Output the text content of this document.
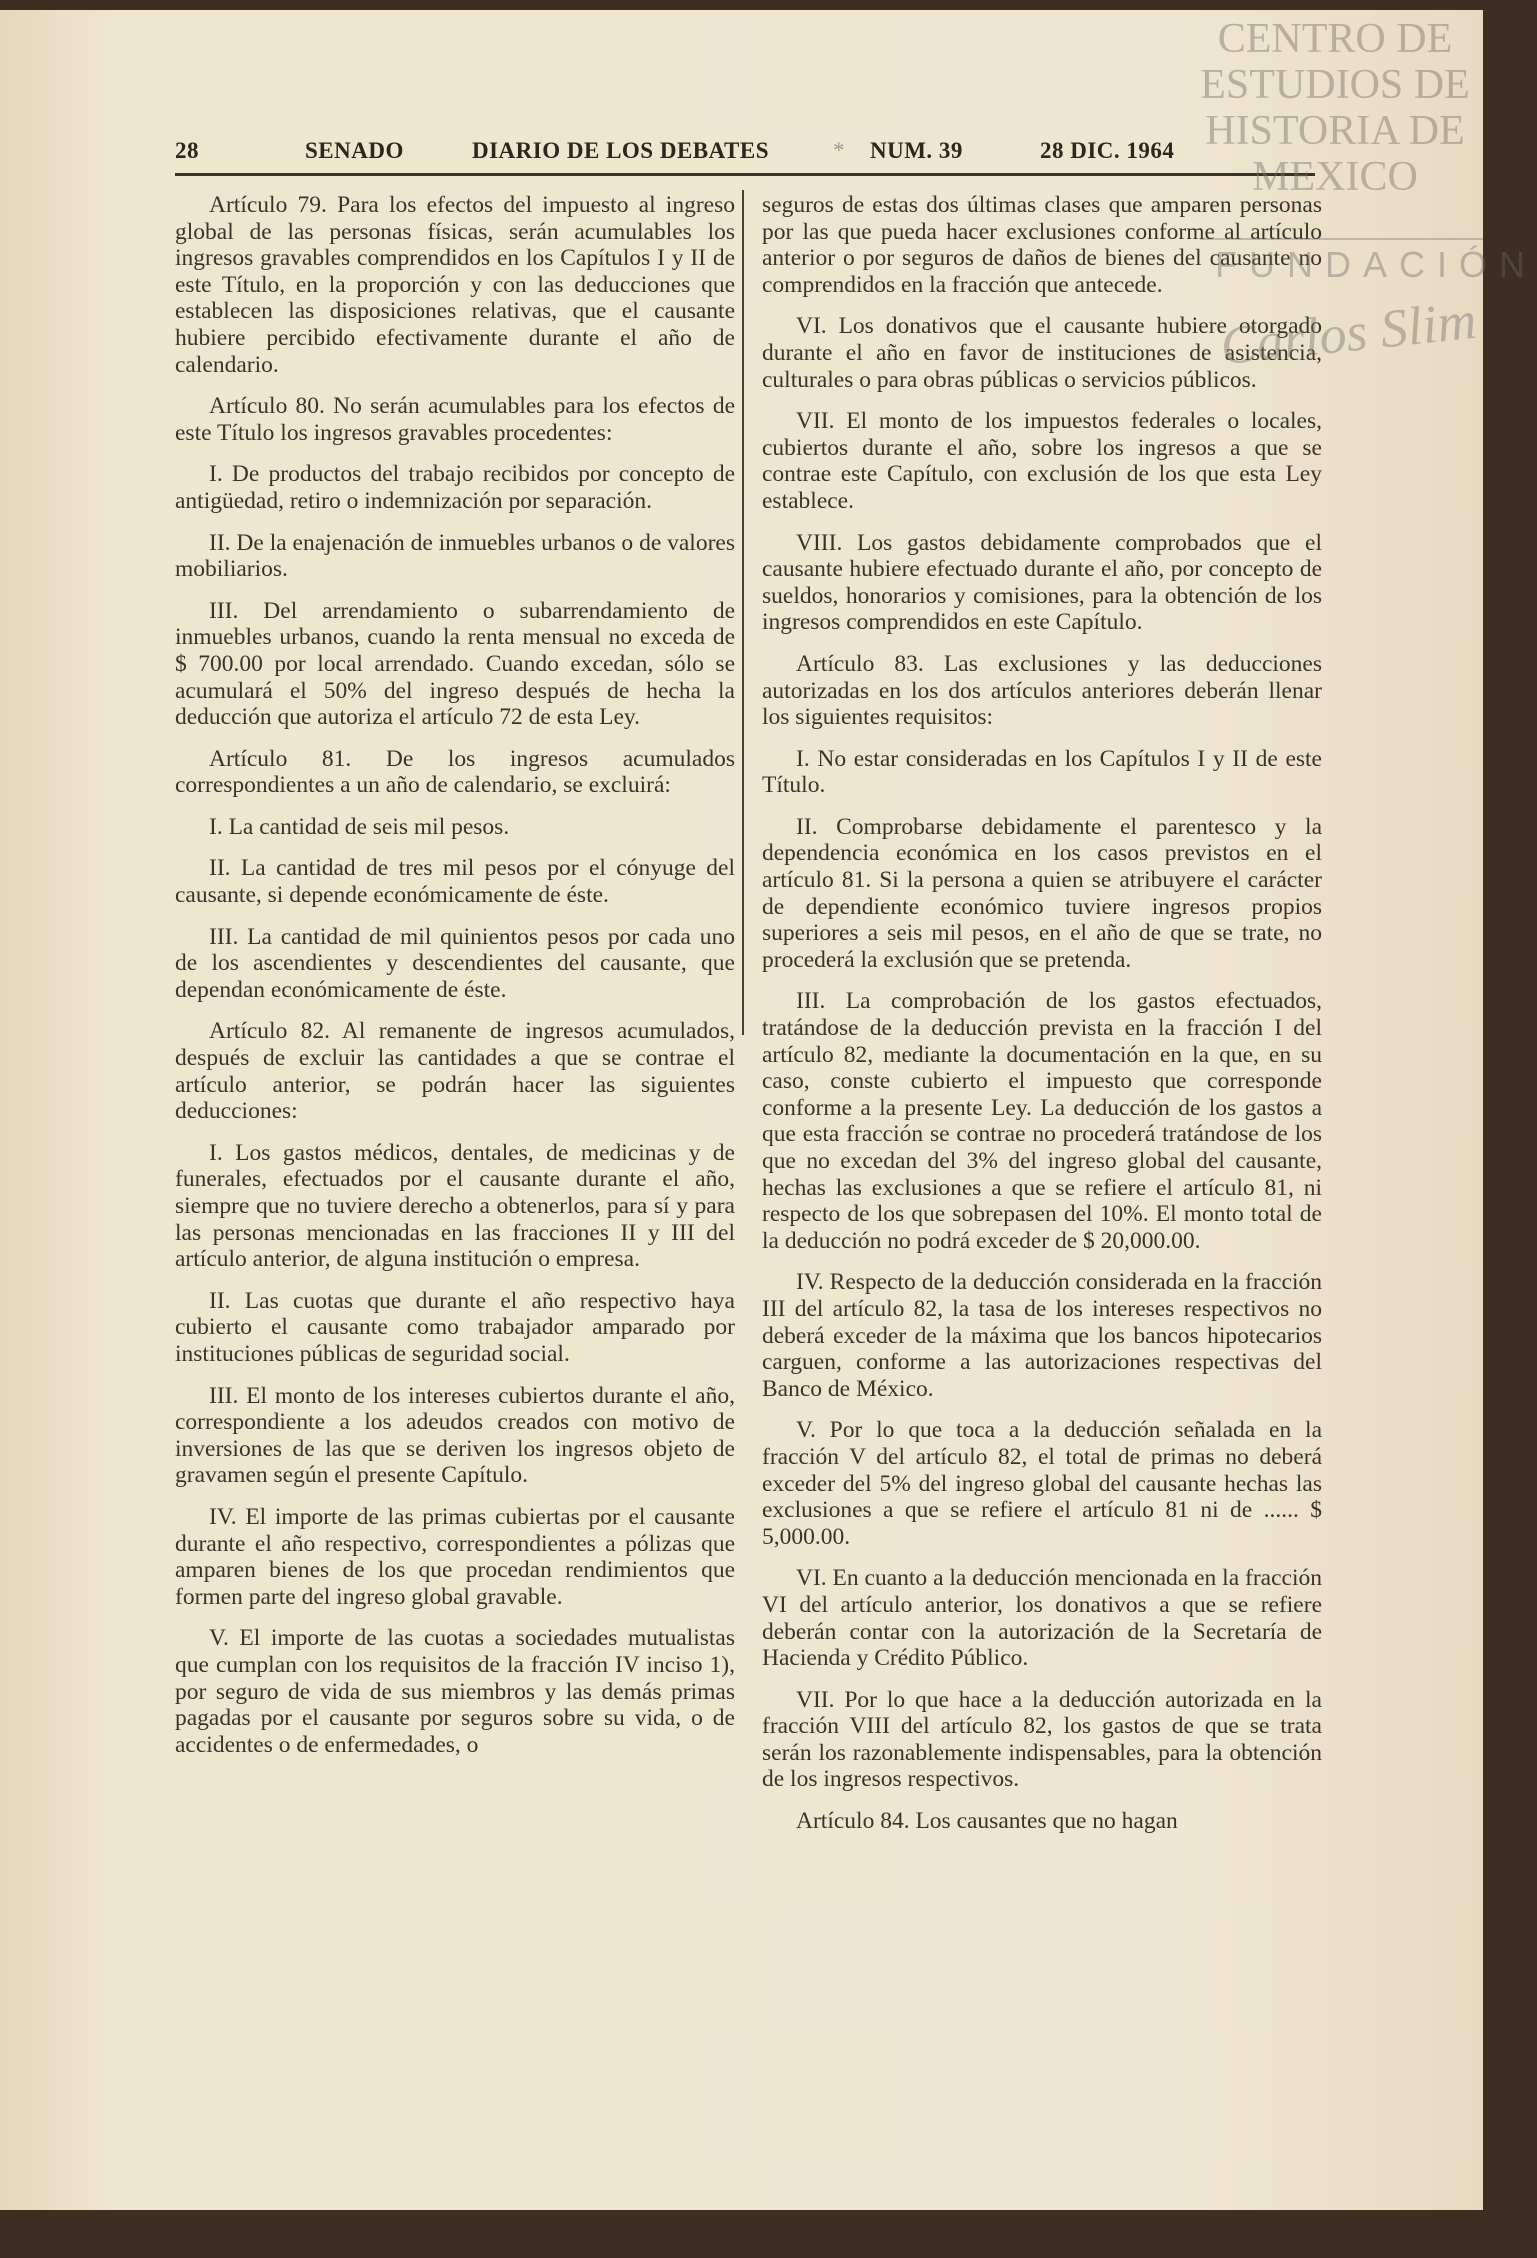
28	SENADO	DIARIO DE LOS DEBATES	* NUM. 39	28 DIC. 1964

Artículo 79. Para los efectos del impuesto al ingreso global de las personas físicas, serán acumulables los ingresos gravables comprendidos en los Capítulos I y II de este Título, en la proporción y con las deducciones que establecen las disposiciones relativas, que el causante hubiere percibido efectivamente durante el año de calendario.

Artículo 80. No serán acumulables para los efectos de este Título los ingresos gravables procedentes:

I. De productos del trabajo recibidos por concepto de antigüedad, retiro o indemnización por separación.

II. De la enajenación de inmuebles urbanos o de valores mobiliarios.

III. Del arrendamiento o subarrendamiento de inmuebles urbanos, cuando la renta mensual no exceda de $ 700.00 por local arrendado. Cuando excedan, sólo se acumulará el 50% del ingreso después de hecha la deducción que autoriza el artículo 72 de esta Ley.

Artículo 81. De los ingresos acumulados correspondientes a un año de calendario, se excluirá:

I. La cantidad de seis mil pesos.

II. La cantidad de tres mil pesos por el cónyuge del causante, si depende económicamente de éste.

III. La cantidad de mil quinientos pesos por cada uno de los ascendientes y descendientes del causante, que dependan económicamente de éste.

Artículo 82. Al remanente de ingresos acumulados, después de excluir las cantidades a que se contrae el artículo anterior, se podrán hacer las siguientes deducciones:

I. Los gastos médicos, dentales, de medicinas y de funerales, efectuados por el causante durante el año, siempre que no tuviere derecho a obtenerlos, para sí y para las personas mencionadas en las fracciones II y III del artículo anterior, de alguna institución o empresa.

II. Las cuotas que durante el año respectivo haya cubierto el causante como trabajador amparado por instituciones públicas de seguridad social.

III. El monto de los intereses cubiertos durante el año, correspondiente a los adeudos creados con motivo de inversiones de las que se deriven los ingresos objeto de gravamen según el presente Capítulo.

IV. El importe de las primas cubiertas por el causante durante el año respectivo, correspondientes a pólizas que amparen bienes de los que procedan rendimientos que formen parte del ingreso global gravable.

V. El importe de las cuotas a sociedades mutualistas que cumplan con los requisitos de la fracción IV inciso 1), por seguro de vida de sus miembros y las demás primas pagadas por el causante por seguros sobre su vida, o de accidentes o de enfermedades, o

seguros de estas dos últimas clases que amparen personas por las que pueda hacer exclusiones conforme al artículo anterior o por seguros de daños de bienes del causante no comprendidos en la fracción que antecede.

VI. Los donativos que el causante hubiere otorgado durante el año en favor de instituciones de asistencia, culturales o para obras públicas o servicios públicos.

VII. El monto de los impuestos federales o locales, cubiertos durante el año, sobre los ingresos a que se contrae este Capítulo, con exclusión de los que esta Ley establece.

VIII. Los gastos debidamente comprobados que el causante hubiere efectuado durante el año, por concepto de sueldos, honorarios y comisiones, para la obtención de los ingresos comprendidos en este Capítulo.

Artículo 83. Las exclusiones y las deducciones autorizadas en los dos artículos anteriores deberán llenar los siguientes requisitos:

I. No estar consideradas en los Capítulos I y II de este Título.

II. Comprobarse debidamente el parentesco y la dependencia económica en los casos previstos en el artículo 81. Si la persona a quien se atribuyere el carácter de dependiente económico tuviere ingresos propios superiores a seis mil pesos, en el año de que se trate, no procederá la exclusión que se pretenda.

III. La comprobación de los gastos efectuados, tratándose de la deducción prevista en la fracción I del artículo 82, mediante la documentación en la que, en su caso, conste cubierto el impuesto que corresponde conforme a la presente Ley. La deducción de los gastos a que esta fracción se contrae no procederá tratándose de los que no excedan del 3% del ingreso global del causante, hechas las exclusiones a que se refiere el artículo 81, ni respecto de los que sobrepasen del 10%. El monto total de la deducción no podrá exceder de $ 20,000.00.

IV. Respecto de la deducción considerada en la fracción III del artículo 82, la tasa de los intereses respectivos no deberá exceder de la máxima que los bancos hipotecarios carguen, conforme a las autorizaciones respectivas del Banco de México.

V. Por lo que toca a la deducción señalada en la fracción V del artículo 82, el total de primas no deberá exceder del 5% del ingreso global del causante hechas las exclusiones a que se refiere el artículo 81 ni de ...... $ 5,000.00.

VI. En cuanto a la deducción mencionada en la fracción VI del artículo anterior, los donativos a que se refiere deberán contar con la autorización de la Secretaría de Hacienda y Crédito Público.

VII. Por lo que hace a la deducción autorizada en la fracción VIII del artículo 82, los gastos de que se trata serán los razonablemente indispensables, para la obtención de los ingresos respectivos.

Artículo 84. Los causantes que no hagan

CENTRO DE ESTUDIOS DE HISTORIA DE MEXICO
FUNDACIÓN
Carlos Slim
